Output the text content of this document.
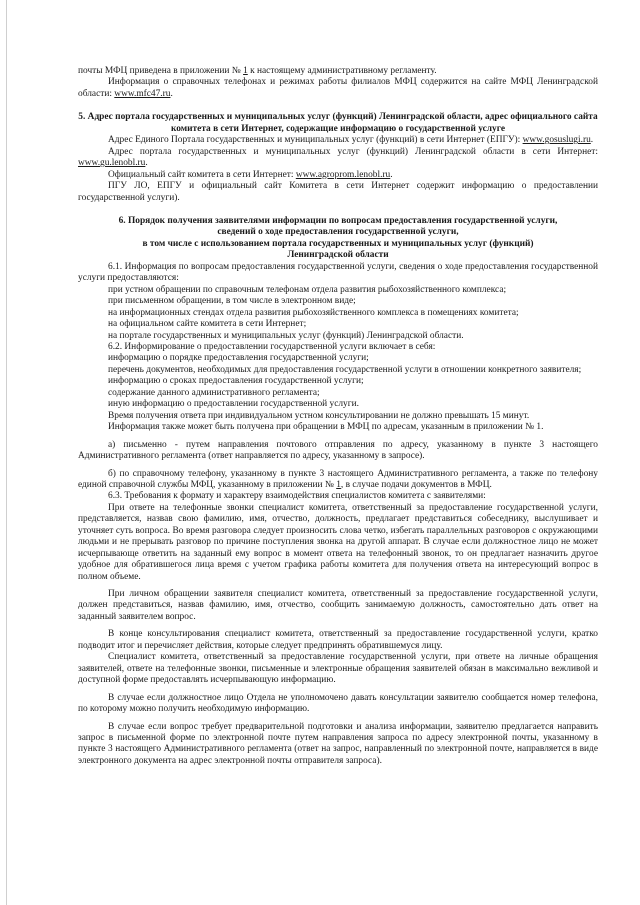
почты МФЦ приведена в приложении № 1 к настоящему административному регламенту.

Информация о справочных телефонах и режимах работы филиалов МФЦ содержится на сайте МФЦ Ленинградской области: www.mfc47.ru.

5. Адрес портала государственных и муниципальных услуг (функций) Ленинградской области, адрес официального сайта комитета в сети Интернет, содержащие информацию о государственной услуге

Адрес Единого Портала государственных и муниципальных услуг (функций) в сети Интернет (ЕПГУ): www.gosuslugi.ru.

Адрес портала государственных и муниципальных услуг (функций) Ленинградской области в сети Интернет: www.gu.lenobl.ru.

Официальный сайт комитета в сети Интернет: www.agroprom.lenobl.ru.

ПГУ ЛО, ЕПГУ и официальный сайт Комитета в сети Интернет содержит информацию о предоставлении государственной услуги).

6. Порядок получения заявителями информации по вопросам предоставления государственной услуги,

сведений о ходе предоставления государственной услуги,

в том числе с использованием портала государственных и муниципальных услуг (функций)

Ленинградской области

6.1. Информация по вопросам предоставления государственной услуги, сведения о ходе предоставления государственной услуги предоставляются:

при устном обращении по справочным телефонам отдела развития рыбохозяйственного комплекса;

при письменном обращении, в том числе в электронном виде;

на информационных стендах отдела развития рыбохозяйственного комплекса в помещениях комитета;

на официальном сайте комитета в сети Интернет;

на портале государственных и муниципальных услуг (функций) Ленинградской области.

6.2. Информирование о предоставлении государственной услуги включает в себя:

информацию о порядке предоставления государственной услуги;

перечень документов, необходимых для предоставления государственной услуги в отношении конкретного заявителя;

информацию о сроках предоставления государственной услуги;

содержание данного административного регламента;

иную информацию о предоставлении государственной услуги.

Время получения ответа при индивидуальном устном консультировании не должно превышать 15 минут.

Информация также может быть получена при обращении в МФЦ по адресам, указанным в приложении № 1.

а) письменно - путем направления почтового отправления по адресу, указанному в пункте 3 настоящего Административного регламента (ответ направляется по адресу, указанному в запросе).

б) по справочному телефону, указанному в пункте 3 настоящего Административного регламента, а также по телефону единой справочной службы МФЦ, указанному в приложении № 1, в случае подачи документов в МФЦ.

6.3. Требования к формату и характеру взаимодействия специалистов комитета с заявителями:

При ответе на телефонные звонки специалист комитета, ответственный за предоставление государственной услуги, представляется, назвав свою фамилию, имя, отчество, должность, предлагает представиться собеседнику, выслушивает и уточняет суть вопроса. Во время разговора следует произносить слова четко, избегать параллельных разговоров с окружающими людьми и не прерывать разговор по причине поступления звонка на другой аппарат. В случае если должностное лицо не может исчерпывающе ответить на заданный ему вопрос в момент ответа на телефонный звонок, то он предлагает назначить другое удобное для обратившегося лица время с учетом графика работы комитета для получения ответа на интересующий вопрос в полном объеме.

При личном обращении заявителя специалист комитета, ответственный за предоставление государственной услуги, должен представиться, назвав фамилию, имя, отчество, сообщить занимаемую должность, самостоятельно дать ответ на заданный заявителем вопрос.

В конце консультирования специалист комитета, ответственный за предоставление государственной услуги, кратко подводит итог и перечисляет действия, которые следует предпринять обратившемуся лицу.

Специалист комитета, ответственный за предоставление государственной услуги, при ответе на личные обращения заявителей, ответе на телефонные звонки, письменные и электронные обращения заявителей обязан в максимально вежливой и доступной форме предоставлять исчерпывающую информацию.

В случае если должностное лицо Отдела не уполномочено давать консультации заявителю сообщается номер телефона, по которому можно получить необходимую информацию.

В случае если вопрос требует предварительной подготовки и анализа информации, заявителю предлагается направить запрос в письменной форме по электронной почте путем направления запроса по адресу электронной почты, указанному в пункте 3 настоящего Административного регламента (ответ на запрос, направленный по электронной почте, направляется в виде электронного документа на адрес электронной почты отправителя запроса).
